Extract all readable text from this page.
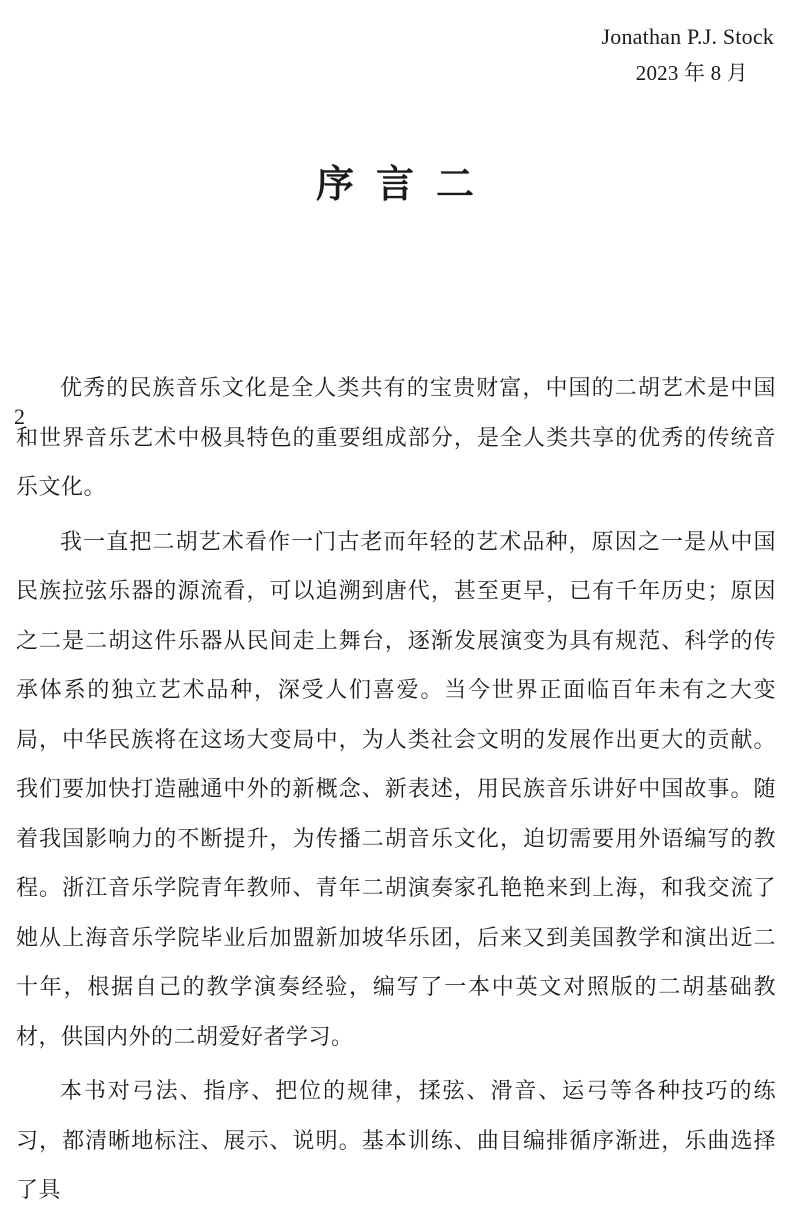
Jonathan P.J. Stock
2023 年 8 月
序言二
2

优秀的民族音乐文化是全人类共有的宝贵财富，中国的二胡艺术是中国和世界音乐艺术中极具特色的重要组成部分，是全人类共享的优秀的传统音乐文化。

我一直把二胡艺术看作一门古老而年轻的艺术品种，原因之一是从中国民族拉弦乐器的源流看，可以追溯到唐代，甚至更早，已有千年历史；原因之二是二胡这件乐器从民间走上舞台，逐渐发展演变为具有规范、科学的传承体系的独立艺术品种，深受人们喜爱。当今世界正面临百年未有之大变局，中华民族将在这场大变局中，为人类社会文明的发展作出更大的贡献。我们要加快打造融通中外的新概念、新表述，用民族音乐讲好中国故事。随着我国影响力的不断提升，为传播二胡音乐文化，迫切需要用外语编写的教程。浙江音乐学院青年教师、青年二胡演奏家孔艳艳来到上海，和我交流了她从上海音乐学院毕业后加盟新加坡华乐团，后来又到美国教学和演出近二十年，根据自己的教学演奏经验，编写了一本中英文对照版的二胡基础教材，供国内外的二胡爱好者学习。

本书对弓法、指序、把位的规律，揉弦、滑音、运弓等各种技巧的练习，都清晰地标注、展示、说明。基本训练、曲目编排循序渐进，乐曲选择了具
